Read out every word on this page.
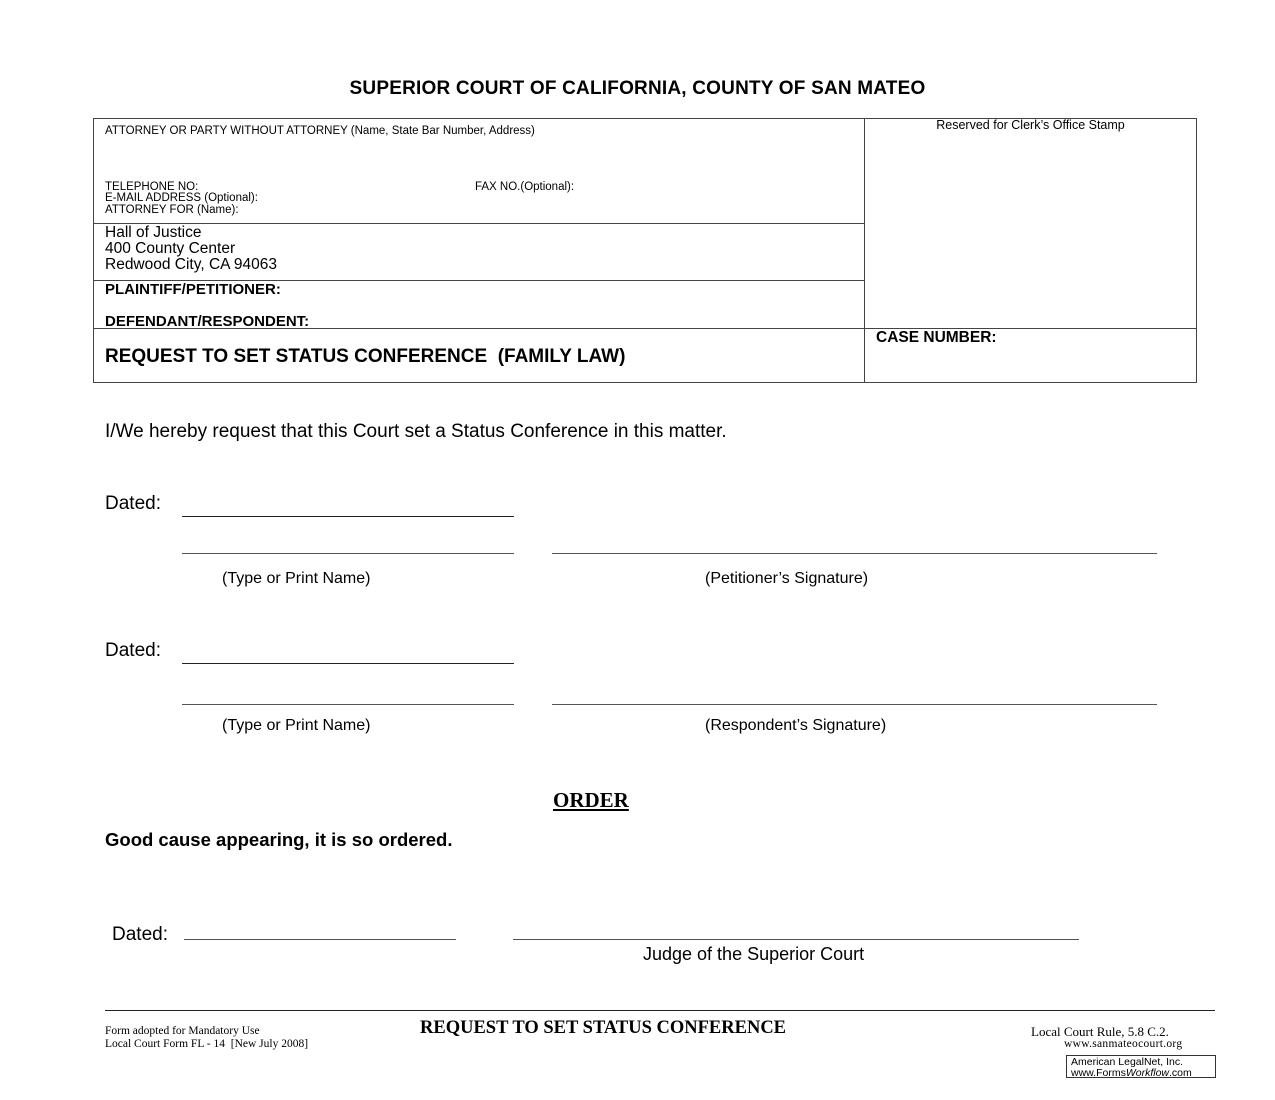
SUPERIOR COURT OF CALIFORNIA, COUNTY OF SAN MATEO
ATTORNEY OR PARTY WITHOUT ATTORNEY (Name, State Bar Number, Address)
TELEPHONE NO:	FAX NO.(Optional):
E-MAIL ADDRESS (Optional):
ATTORNEY FOR (Name):
Hall of Justice
400 County Center
Redwood City, CA 94063
PLAINTIFF/PETITIONER:
DEFENDANT/RESPONDENT:
REQUEST TO SET STATUS CONFERENCE  (FAMILY LAW)
Reserved for Clerk’s Office Stamp
CASE NUMBER:
I/We hereby request that this Court set a Status Conference in this matter.
Dated:
(Type or Print Name)	(Petitioner’s Signature)
Dated:
(Type or Print Name)	(Respondent’s Signature)
ORDER
Good cause appearing, it is so ordered.
Dated:
Judge of the Superior Court
Form adopted for Mandatory Use
Local Court Form FL - 14  [New July 2008]
REQUEST TO SET STATUS CONFERENCE	Local Court Rule, 5.8 C.2.
www.sanmateocourt.org
American LegalNet, Inc.
www.FormsWorkflow.com
